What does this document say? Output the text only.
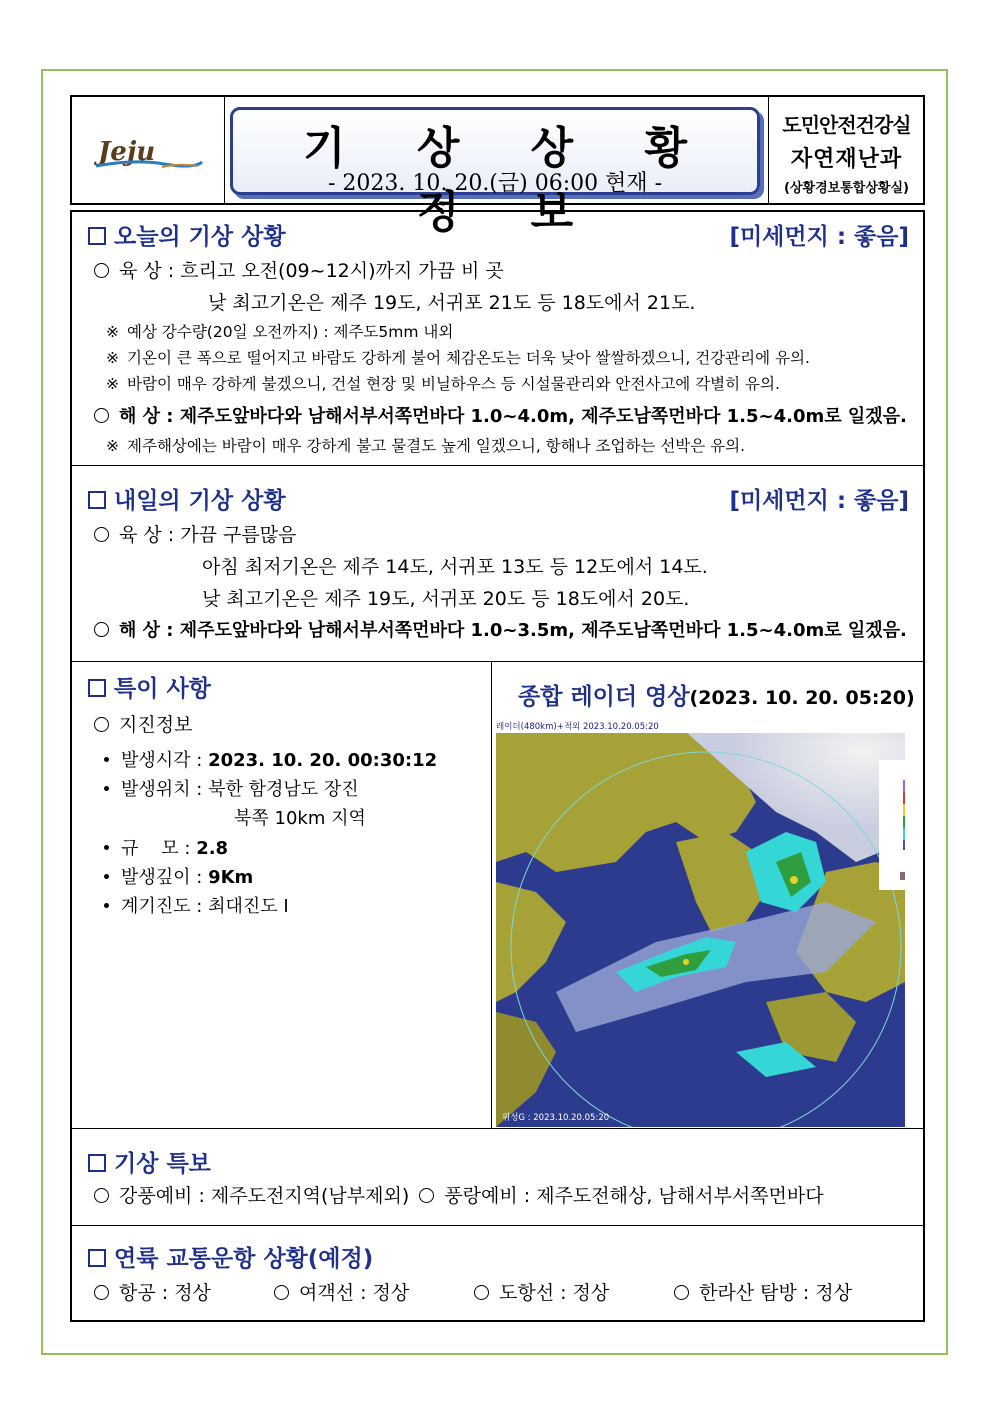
Jeju	기 상 상 황 정 보
- 2023. 10. 20.(금) 06:00 현재 -
도민안전건강실
자연재난과
(상황경보통합상황실)
오늘의 기상 상황	[미세먼지 : 좋음]
육 상 : 흐리고 오전(09~12시)까지 가끔 비 곳
낮 최고기온은 제주 19도, 서귀포 21도 등 18도에서 21도.
※ 예상 강수량(20일 오전까지) : 제주도5mm 내외
※ 기온이 큰 폭으로 떨어지고 바람도 강하게 불어 체감온도는 더욱 낮아 쌀쌀하겠으니, 건강관리에 유의.
※ 바람이 매우 강하게 불겠으니, 건설 현장 및 비닐하우스 등 시설물관리와 안전사고에 각별히 유의.
해 상 : 제주도앞바다와 남해서부서쪽먼바다 1.0~4.0m, 제주도남쪽먼바다 1.5~4.0m로 일겠음.
※ 제주해상에는 바람이 매우 강하게 불고 물결도 높게 일겠으니, 항해나 조업하는 선박은 유의.
내일의 기상 상황	[미세먼지 : 좋음]
육 상 : 가끔 구름많음
아침 최저기온은 제주 14도, 서귀포 13도 등 12도에서 14도.
낮 최고기온은 제주 19도, 서귀포 20도 등 18도에서 20도.
해 상 : 제주도앞바다와 남해서부서쪽먼바다 1.0~3.5m, 제주도남쪽먼바다 1.5~4.0m로 일겠음.
특이 사항
지진정보
발생시각 : 2023. 10. 20. 00:30:12
발생위치 : 북한 함경남도 장진
북쪽 10km 지역
규    모 : 2.8
발생깊이 : 9Km
계기진도 : 최대진도 Ⅰ
종합 레이더 영상(2023. 10. 20. 05:20)
레이더(480km)+적외 2023.10.20.05:20
위성G : 2023.10.20.05:20
기상 특보
강풍예비 : 제주도전지역(남부제외) 풍랑예비 : 제주도전해상, 남해서부서쪽먼바다
연륙 교통운항 상황(예정)
항공 : 정상	여객선 : 정상	도항선 : 정상	한라산 탐방 : 정상
